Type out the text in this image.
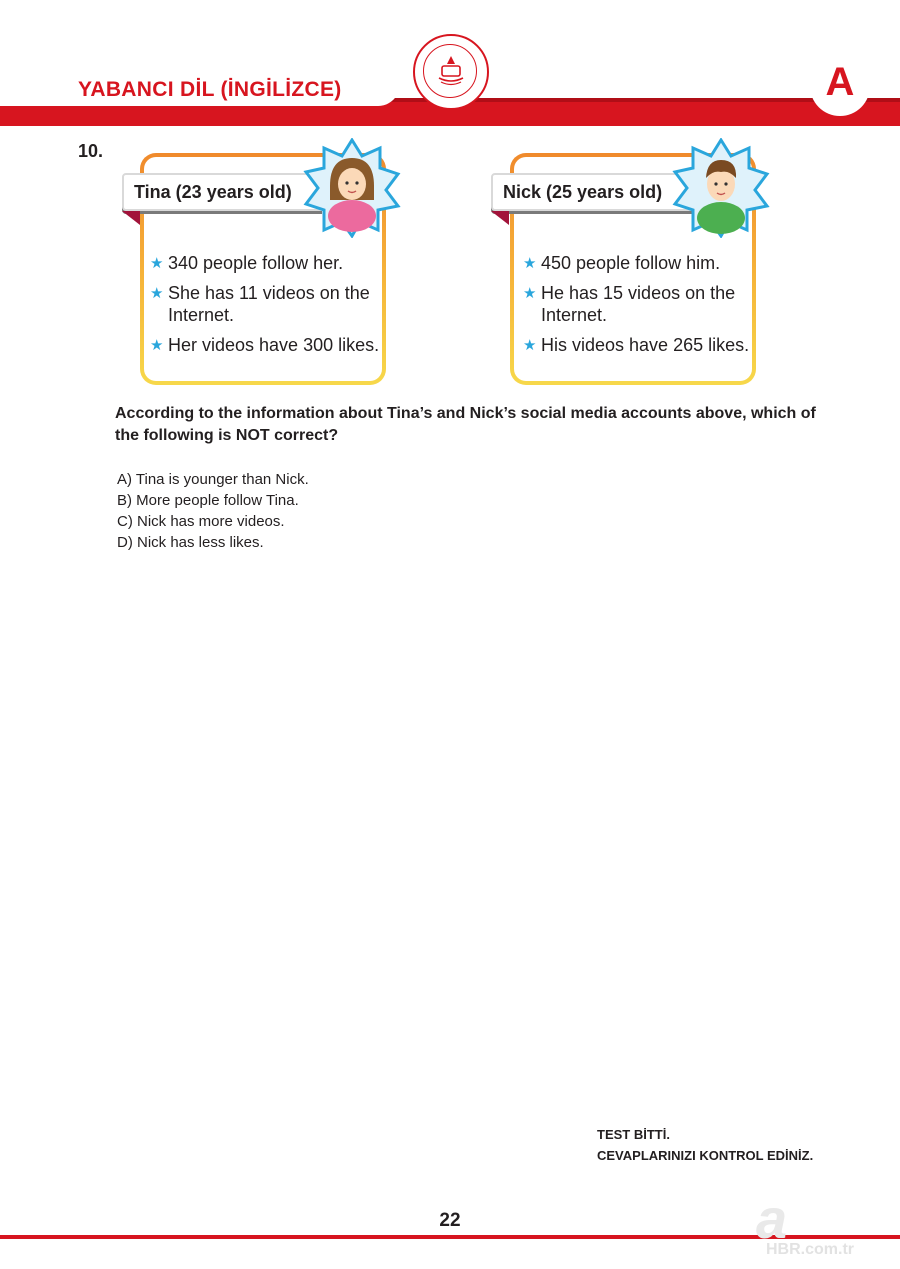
YABANCI DİL (İNGİLİZCE)	A
10.
Tina (23 years old)
★ 340 people follow her.
★ She has 11 videos on the Internet.
★ Her videos have 300 likes.
Nick (25 years old)
★ 450 people follow him.
★ He has 15 videos on the Internet.
★ His videos have 265 likes.
According to the information about Tina’s and Nick’s social media accounts above, which of
the following is NOT correct?
A) Tina is younger than Nick.
B) More people follow Tina.
C) Nick has more videos.
D) Nick has less likes.
TEST BİTTİ.
CEVAPLARINIZI KONTROL EDİNİZ.
22	a
HBR.com.tr
